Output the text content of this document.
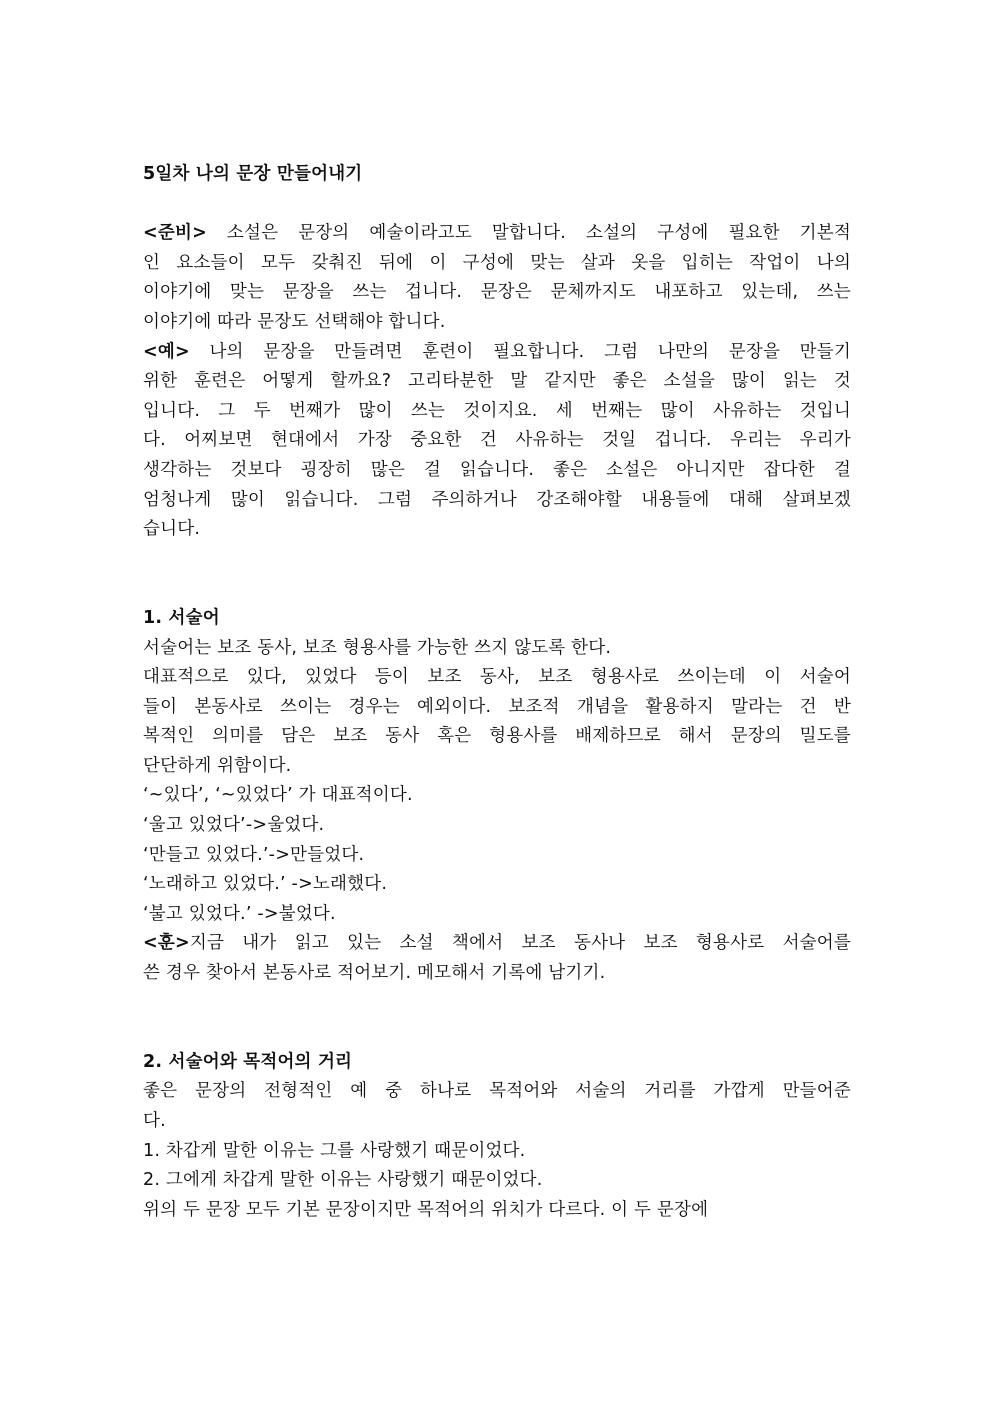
5일차 나의 문장 만들어내기
<준비> 소설은 문장의 예술이라고도 말합니다. 소설의 구성에 필요한 기본적
인 요소들이 모두 갖춰진 뒤에 이 구성에 맞는 살과 옷을 입히는 작업이 나의
이야기에 맞는 문장을 쓰는 겁니다. 문장은 문체까지도 내포하고 있는데, 쓰는
이야기에 따라 문장도 선택해야 합니다.
<예> 나의 문장을 만들려면 훈련이 필요합니다. 그럼 나만의 문장을 만들기
위한 훈련은 어떻게 할까요? 고리타분한 말 같지만 좋은 소설을 많이 읽는 것
입니다. 그 두 번째가 많이 쓰는 것이지요. 세 번째는 많이 사유하는 것입니
다. 어찌보면 현대에서 가장 중요한 건 사유하는 것일 겁니다. 우리는 우리가
생각하는 것보다 굉장히 많은 걸 읽습니다. 좋은 소설은 아니지만 잡다한 걸
엄청나게 많이 읽습니다. 그럼 주의하거나 강조해야할 내용들에 대해 살펴보겠
습니다.
1. 서술어
서술어는 보조 동사, 보조 형용사를 가능한 쓰지 않도록 한다.
대표적으로 있다, 있었다 등이 보조 동사, 보조 형용사로 쓰이는데 이 서술어
들이 본동사로 쓰이는 경우는 예외이다. 보조적 개념을 활용하지 말라는 건 반
복적인 의미를 담은 보조 동사 혹은 형용사를 배제하므로 해서 문장의 밀도를
단단하게 위함이다.
‘~있다’, ‘~있었다’ 가 대표적이다.
‘울고 있었다’->울었다.
‘만들고 있었다.’->만들었다.
‘노래하고 있었다.’ ->노래했다.
‘불고 있었다.’ ->불었다.
<훈>지금 내가 읽고 있는 소설 책에서 보조 동사나 보조 형용사로 서술어를
쓴 경우 찾아서 본동사로 적어보기. 메모해서 기록에 남기기.
2. 서술어와 목적어의 거리
좋은 문장의 전형적인 예 중 하나로 목적어와 서술의 거리를 가깝게 만들어준
다.
1. 차갑게 말한 이유는 그를 사랑했기 때문이었다.
2. 그에게 차갑게 말한 이유는 사랑했기 때문이었다.
위의 두 문장 모두 기본 문장이지만 목적어의 위치가 다르다. 이 두 문장에
